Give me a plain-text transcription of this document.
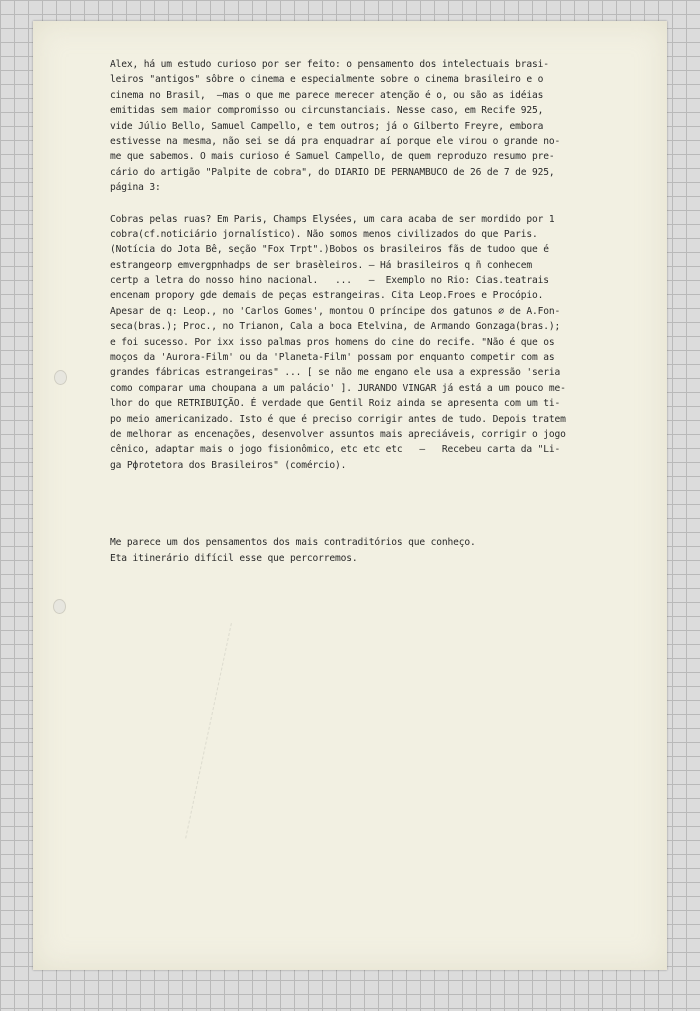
Alex, há um estudo curioso por ser feito: o pensamento dos intelectuais brasi-
leiros "antigos" sôbre o cinema e especialmente sobre o cinema brasileiro e o
cinema no Brasil,  —mas o que me parece merecer atenção é o, ou são as idéias
emitidas sem maior compromisso ou circunstanciais. Nesse caso, em Recife 925,
vide Júlio Bello, Samuel Campello, e tem outros; já o Gilberto Freyre, embora
estivesse na mesma, não sei se dá pra enquadrar aí porque ele virou o grande no-
me que sabemos. O mais curioso é Samuel Campello, de quem reproduzo resumo pre-
cário do artigão "Palpite de cobra", do DIARIO DE PERNAMBUCO de 26 de 7 de 925,
página 3:
Cobras pelas ruas? Em Paris, Champs Elysées, um cara acaba de ser mordido por 1
cobra(cf.noticiário jornalístico). Não somos menos civilizados do que Paris.
(Notícia do Jota Bê, seção "Fox Trpt".)Bobos os brasileiros fãs de tudoo que é
estrangeorp emvergpnhadps de ser brasèleiros. – Há brasileiros q ñ conhecem
certp a letra do nosso hino nacional.   ...   –  Exemplo no Rio: Cias.teatrais
encenam propory gde demais de peças estrangeiras. Cita Leop.Froes e Procópio.
Apesar de q: Leop., no 'Carlos Gomes', montou O príncipe dos gatunos ∅ de A.Fon-
seca(bras.); Proc., no Trianon, Cala a boca Etelvina, de Armando Gonzaga(bras.);
e foi sucesso. Por ixx isso palmas pros homens do cine do recife. "Não é que os
moços da 'Aurora-Film' ou da 'Planeta-Film' possam por enquanto competir com as
grandes fábricas estrangeiras" ... [ se não me engano ele usa a expressão 'seria
como comparar uma choupana a um palácio' ]. JURANDO VINGAR já está a um pouco me-
lhor do que RETRIBUIÇÃO. É verdade que Gentil Roiz ainda se apresenta com um ti-
po meio americanizado. Isto é que é preciso corrigir antes de tudo. Depois tratem
de melhorar as encenações, desenvolver assuntos mais apreciáveis, corrigir o jogo
cênico, adaptar mais o jogo fisionômico, etc etc etc   —   Recebeu carta da "Li-
ga Pфrotetora dos Brasileiros" (comércio).
Me parece um dos pensamentos dos mais contraditórios que conheço.
Eta itinerário difícil esse que percorremos.
